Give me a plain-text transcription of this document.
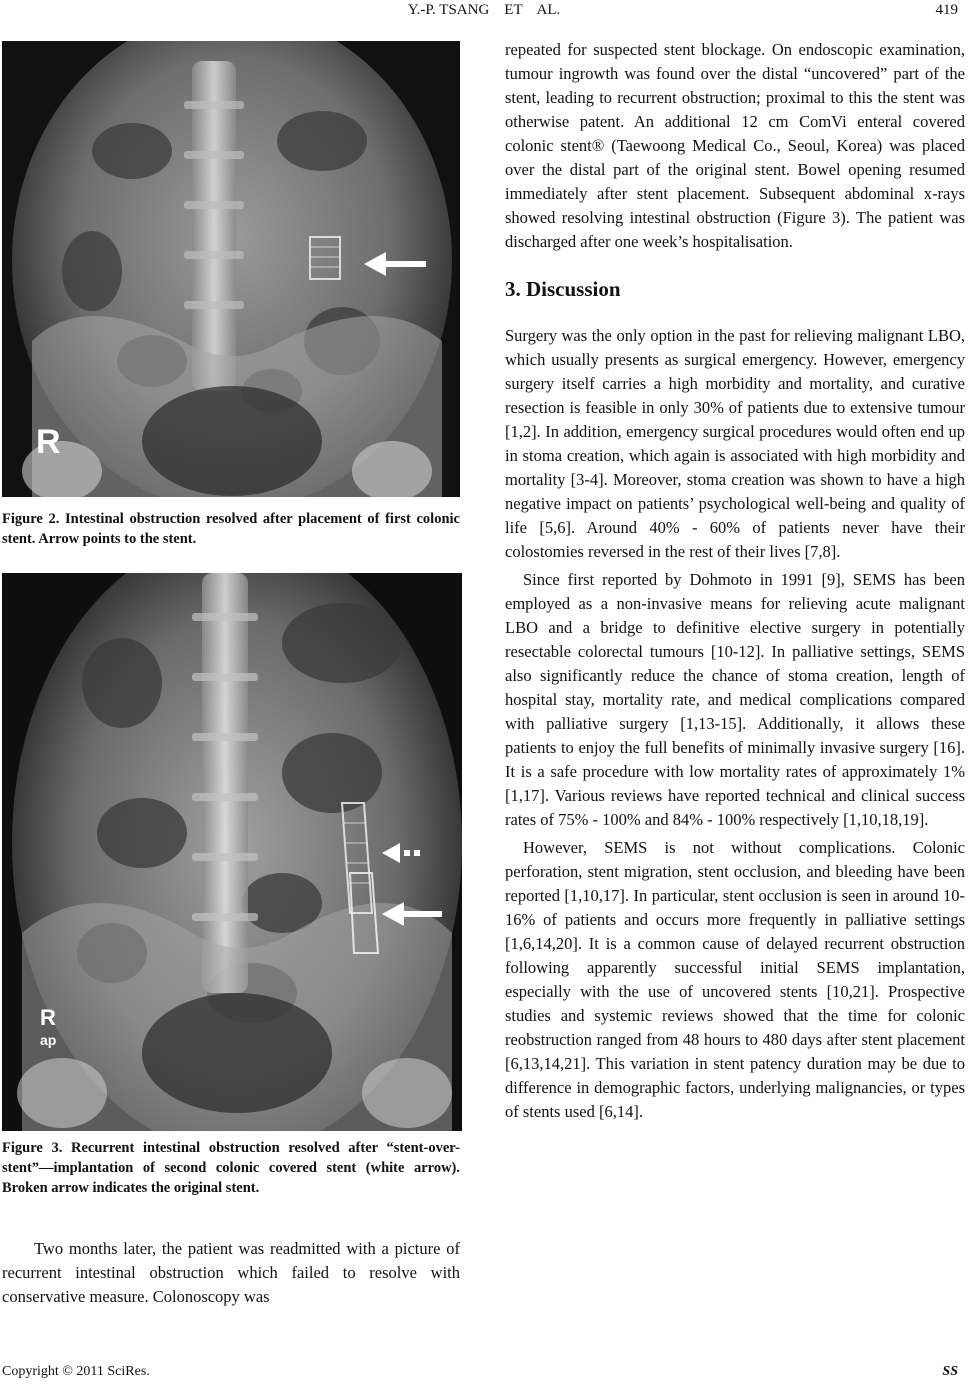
Y.-P. TSANG    ET    AL.	419
R

Figure 2. Intestinal obstruction resolved after placement of first colonic stent. Arrow points to the stent.

R
ap

Figure 3. Recurrent intestinal obstruction resolved after “stent-over-stent”—implantation of second colonic covered stent (white arrow). Broken arrow indicates the original stent.

Two months later, the patient was readmitted with a picture of recurrent intestinal obstruction which failed to resolve with conservative measure. Colonoscopy was

repeated for suspected stent blockage. On endoscopic examination, tumour ingrowth was found over the distal “uncovered” part of the stent, leading to recurrent obstruction; proximal to this the stent was otherwise patent. An additional 12 cm ComVi enteral covered colonic stent® (Taewoong Medical Co., Seoul, Korea) was placed over the distal part of the original stent. Bowel opening resumed immediately after stent placement. Subsequent abdominal x-rays showed resolving intestinal obstruction (Figure 3). The patient was discharged after one week’s hospitalisation.

3. Discussion

Surgery was the only option in the past for relieving malignant LBO, which usually presents as surgical emergency. However, emergency surgery itself carries a high morbidity and mortality, and curative resection is feasible in only 30% of patients due to extensive tumour [1,2]. In addition, emergency surgical procedures would often end up in stoma creation, which again is associated with high morbidity and mortality [3-4]. Moreover, stoma creation was shown to have a high negative impact on patients’ psychological well-being and quality of life [5,6]. Around 40% - 60% of patients never have their colostomies reversed in the rest of their lives [7,8].

Since first reported by Dohmoto in 1991 [9], SEMS has been employed as a non-invasive means for relieving acute malignant LBO and a bridge to definitive elective surgery in potentially resectable colorectal tumours [10-12]. In palliative settings, SEMS also significantly reduce the chance of stoma creation, length of hospital stay, mortality rate, and medical complications compared with palliative surgery [1,13-15]. Additionally, it allows these patients to enjoy the full benefits of minimally invasive surgery [16]. It is a safe procedure with low mortality rates of approximately 1% [1,17]. Various reviews have reported technical and clinical success rates of 75% - 100% and 84% - 100% respectively [1,10,18,19].

However, SEMS is not without complications. Colonic perforation, stent migration, stent occlusion, and bleeding have been reported [1,10,17]. In particular, stent occlusion is seen in around 10-16% of patients and occurs more frequently in palliative settings [1,6,14,20]. It is a common cause of delayed recurrent obstruction following apparently successful initial SEMS implantation, especially with the use of uncovered stents [10,21]. Prospective studies and systemic reviews showed that the time for colonic reobstruction ranged from 48 hours to 480 days after stent placement [6,13,14,21]. This variation in stent patency duration may be due to difference in demographic factors, underlying malignancies, or types of stents used [6,14].

Copyright © 2011 SciRes.	SS
